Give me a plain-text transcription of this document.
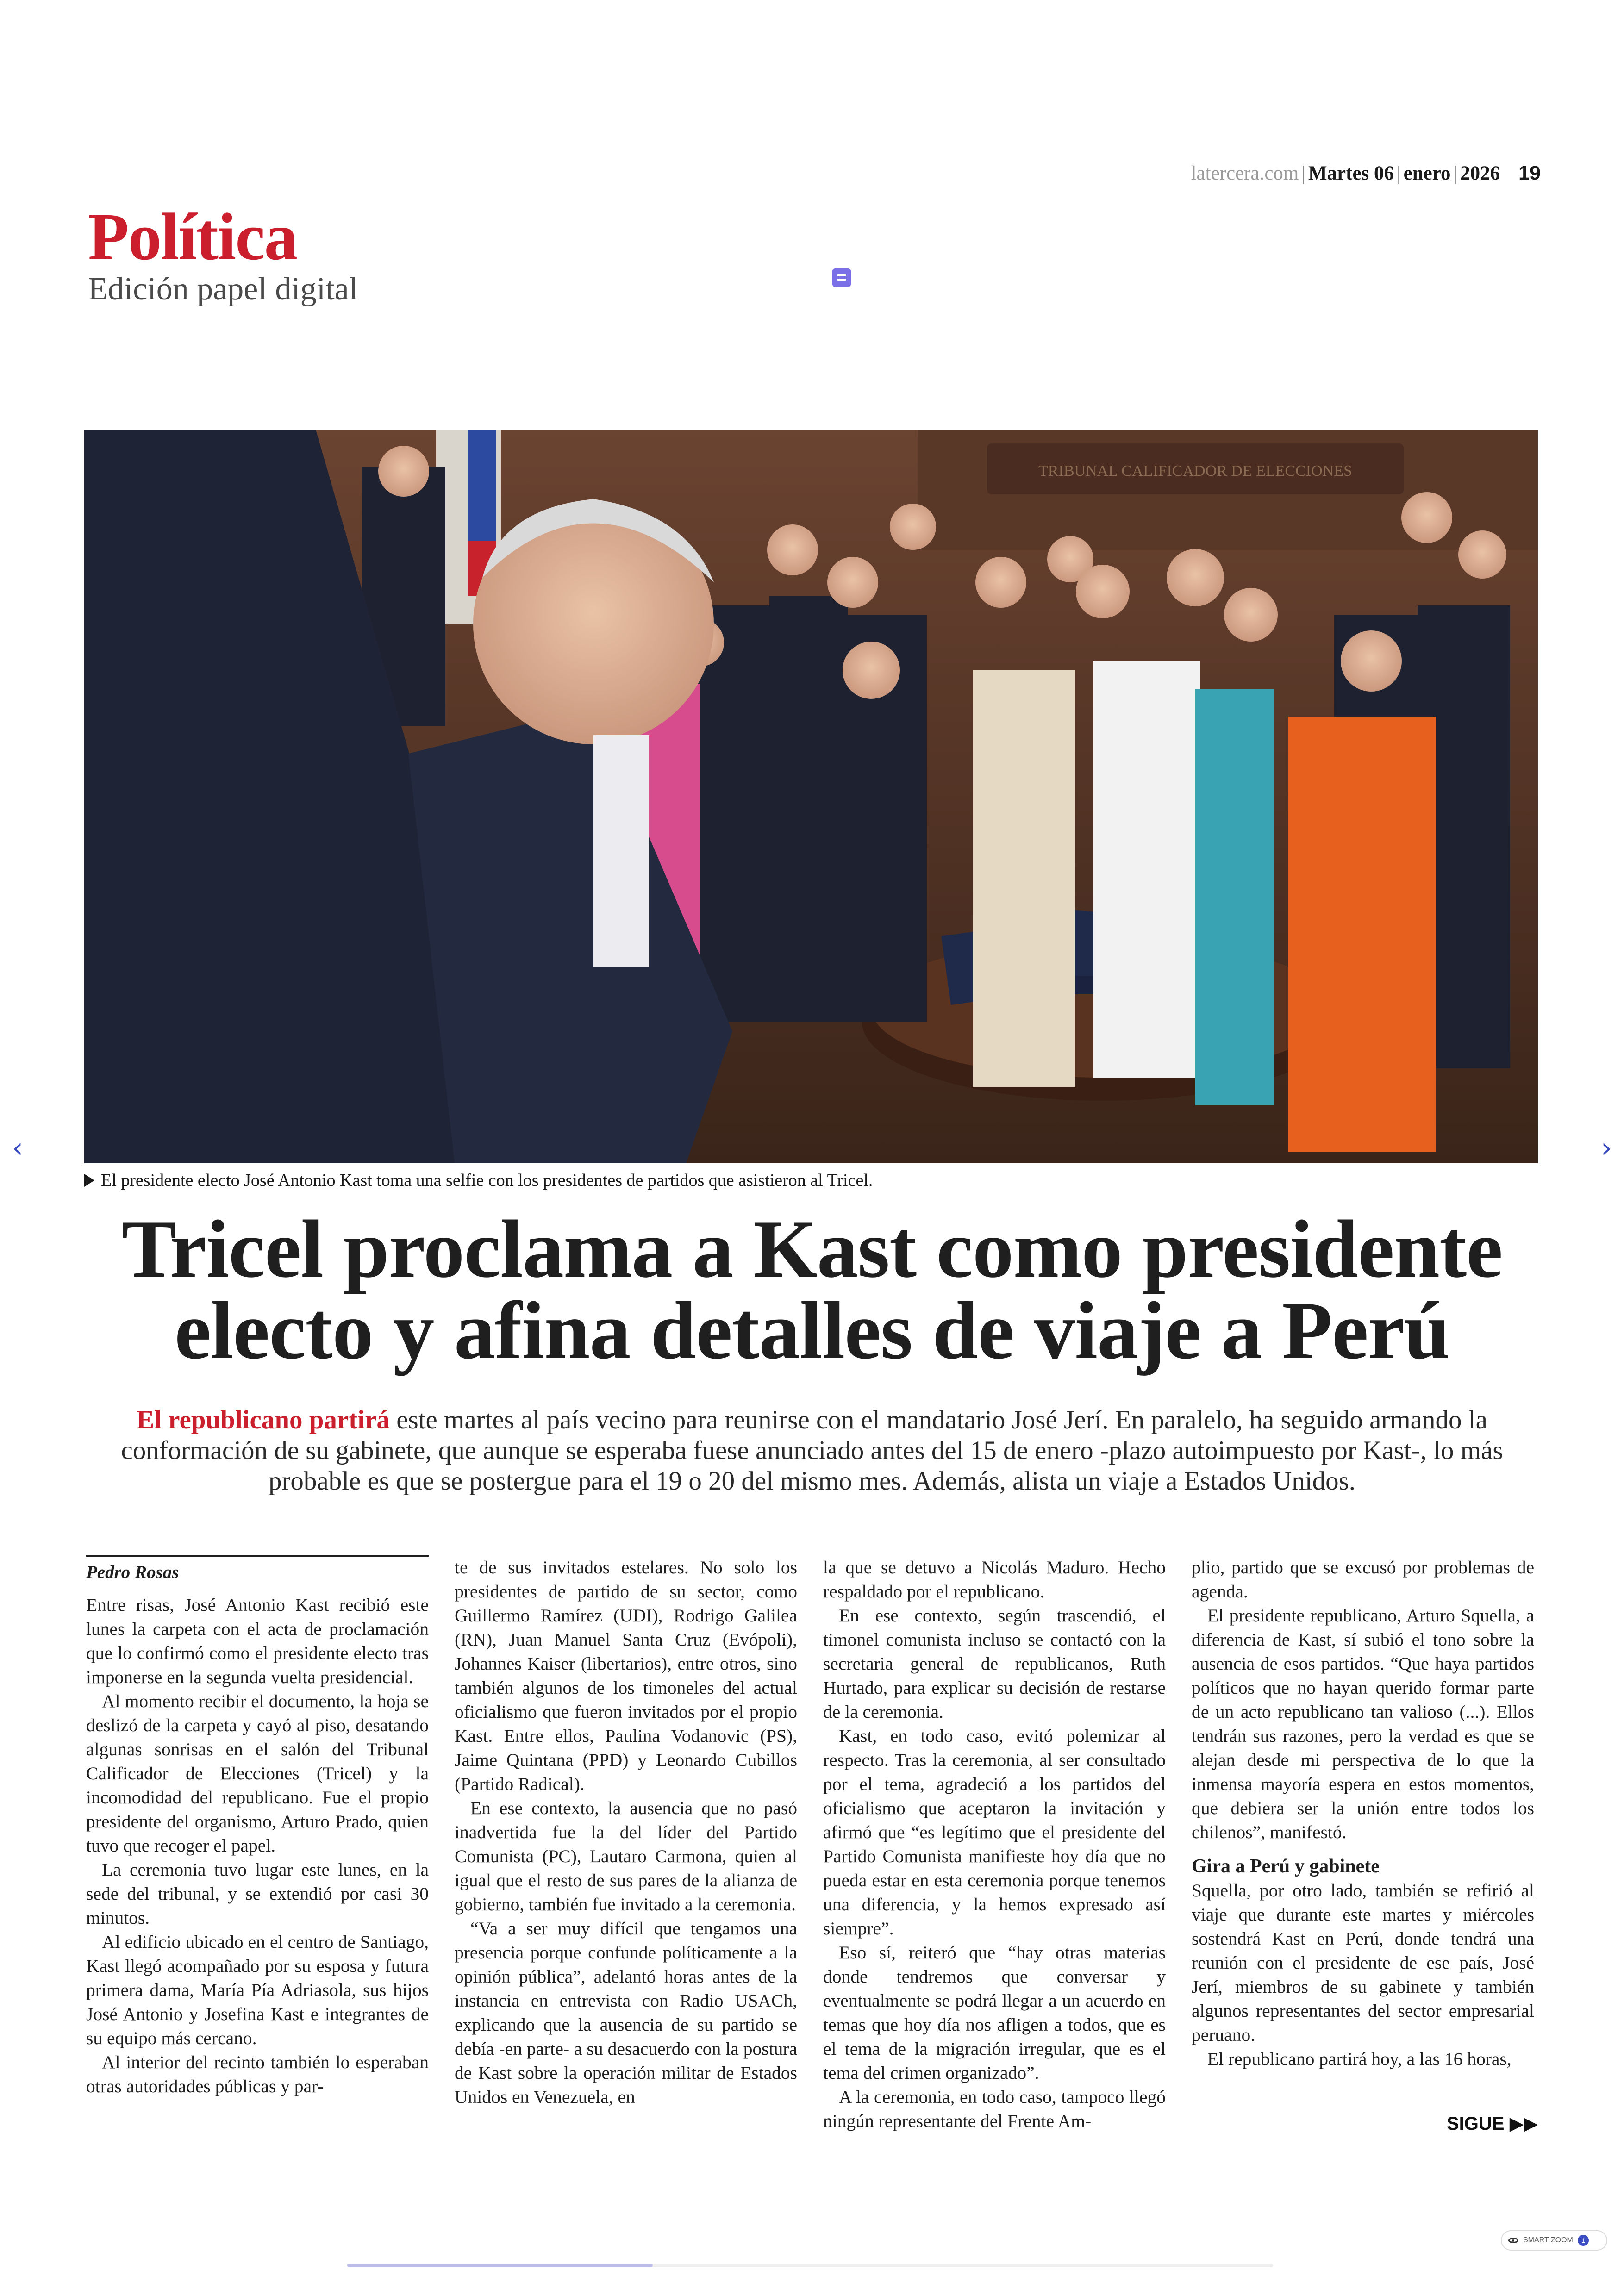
latercera.com | Martes 06 | enero | 2026 19
Política
Edición papel digital
TRIBUNAL CALIFICADOR DE ELECCIONES
El presidente electo José Antonio Kast toma una selfie con los presidentes de partidos que asistieron al Tricel.
‹	›
Tricel proclama a Kast como presidente
electo y afina detalles de viaje a Perú
El republicano partirá este martes al país vecino para reunirse con el mandatario José Jerí. En paralelo, ha seguido armando la conformación de su gabinete, que aunque se esperaba fuese anunciado antes del 15 de enero -plazo autoimpuesto por Kast-, lo más probable es que se postergue para el 19 o 20 del mismo mes. Además, alista un viaje a Estados Unidos.

Pedro Rosas

Entre risas, José Antonio Kast recibió este lunes la carpeta con el acta de proclamación que lo confirmó como el presidente electo tras imponerse en la segunda vuelta presidencial.

Al momento recibir el documento, la hoja se deslizó de la carpeta y cayó al piso, desatando algunas sonrisas en el salón del Tribunal Calificador de Elecciones (Tricel) y la incomodidad del republicano. Fue el propio presidente del organismo, Arturo Prado, quien tuvo que recoger el papel.

La ceremonia tuvo lugar este lunes, en la sede del tribunal, y se extendió por casi 30 minutos.

Al edificio ubicado en el centro de Santiago, Kast llegó acompañado por su esposa y futura primera dama, María Pía Adriasola, sus hijos José Antonio y Josefina Kast e integrantes de su equipo más cercano.

Al interior del recinto también lo esperaban otras autoridades públicas y par-

te de sus invitados estelares. No solo los presidentes de partido de su sector, como Guillermo Ramírez (UDI), Rodrigo Galilea (RN), Juan Manuel Santa Cruz (Evópoli), Johannes Kaiser (libertarios), entre otros, sino también algunos de los timoneles del actual oficialismo que fueron invitados por el propio Kast. Entre ellos, Paulina Vodanovic (PS), Jaime Quintana (PPD) y Leonardo Cubillos (Partido Radical).

En ese contexto, la ausencia que no pasó inadvertida fue la del líder del Partido Comunista (PC), Lautaro Carmona, quien al igual que el resto de sus pares de la alianza de gobierno, también fue invitado a la ceremonia.

“Va a ser muy difícil que tengamos una presencia porque confunde políticamente a la opinión pública”, adelantó horas antes de la instancia en entrevista con Radio USACh, explicando que la ausencia de su partido se debía -en parte- a su desacuerdo con la postura de Kast sobre la operación militar de Estados Unidos en Venezuela, en

la que se detuvo a Nicolás Maduro. Hecho respaldado por el republicano.

En ese contexto, según trascendió, el timonel comunista incluso se contactó con la secretaria general de republicanos, Ruth Hurtado, para explicar su decisión de restarse de la ceremonia.

Kast, en todo caso, evitó polemizar al respecto. Tras la ceremonia, al ser consultado por el tema, agradeció a los partidos del oficialismo que aceptaron la invitación y afirmó que “es legítimo que el presidente del Partido Comunista manifieste hoy día que no pueda estar en esta ceremonia porque tenemos una diferencia, y la hemos expresado así siempre”.

Eso sí, reiteró que “hay otras materias donde tendremos que conversar y eventualmente se podrá llegar a un acuerdo en temas que hoy día nos afligen a todos, que es el tema de la migración irregular, que es el tema del crimen organizado”.

A la ceremonia, en todo caso, tampoco llegó ningún representante del Frente Am-

plio, partido que se excusó por problemas de agenda.

El presidente republicano, Arturo Squella, a diferencia de Kast, sí subió el tono sobre la ausencia de esos partidos. “Que haya partidos políticos que no hayan querido formar parte de un acto republicano tan valioso (...). Ellos tendrán sus razones, pero la verdad es que se alejan desde mi perspectiva de lo que la inmensa mayoría espera en estos momentos, que debiera ser la unión entre todos los chilenos”, manifestó.

Gira a Perú y gabinete

Squella, por otro lado, también se refirió al viaje que durante este martes y miércoles sostendrá Kast en Perú, donde tendrá una reunión con el presidente de ese país, José Jerí, miembros de su gabinete y también algunos representantes del sector empresarial peruano.

El republicano partirá hoy, a las 16 horas,

SIGUE ▶▶
SMART ZOOM	1
